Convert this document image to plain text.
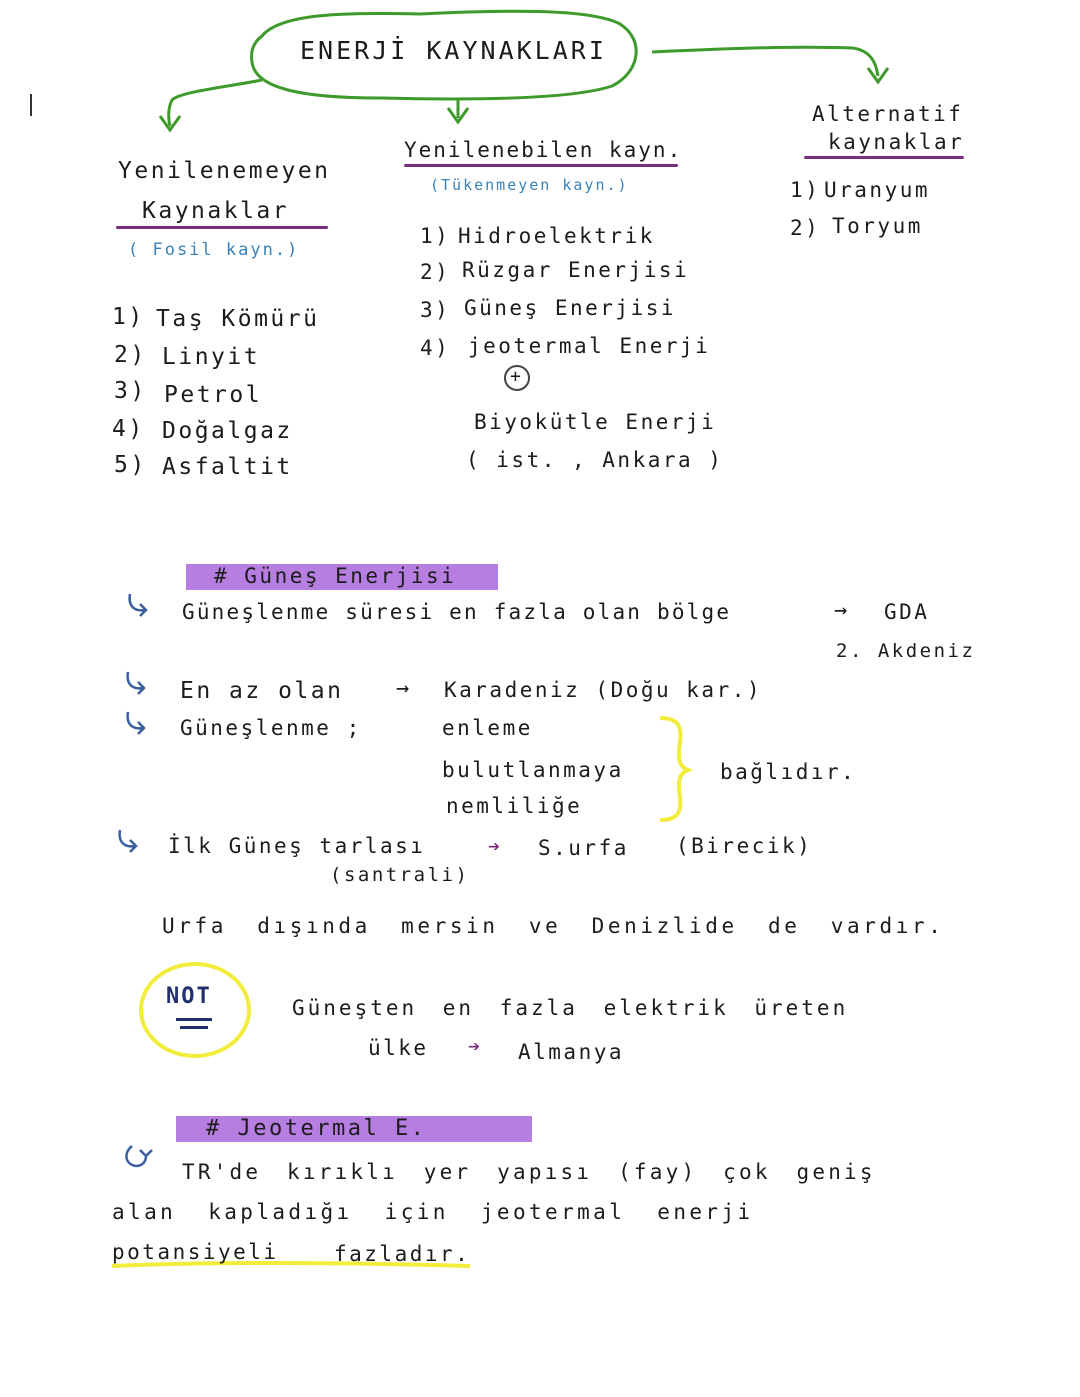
ENERJİ KAYNAKLARI
Yenilenemeyen
Kaynaklar
( Fosil kayn.)
1) Taş Kömürü
2) Linyit
3) Petrol
4) Doğalgaz
5) Asfaltit
Yenilenebilen kayn.
(Tükenmeyen kayn.)
1) Hidroelektrik
2) Rüzgar Enerjisi
3) Güneş Enerjisi
4) jeotermal Enerji
+
Biyokütle Enerji
( ist. , Ankara )
Alternatif
kaynaklar
1) Uranyum
2) Toryum
# Güneş Enerjisi
Güneşlenme süresi en fazla olan bölge	→ GDA
2. Akdeniz
En az olan → Karadeniz (Doğu kar.)
Güneşlenme ;	enleme
bulutlanmaya
nemliliğe
bağlıdır.
İlk Güneş tarlası
(santrali)
➔ S.urfa (Birecik)
Urfa dışında mersin ve Denizlide de vardır.
NOT	Güneşten en fazla elektrik üreten
ülke ➔ Almanya
# Jeotermal E.
TR'de kırıklı yer yapısı (fay) çok geniş
alan kapladığı için jeotermal enerji
potansiyeli	fazladır.
